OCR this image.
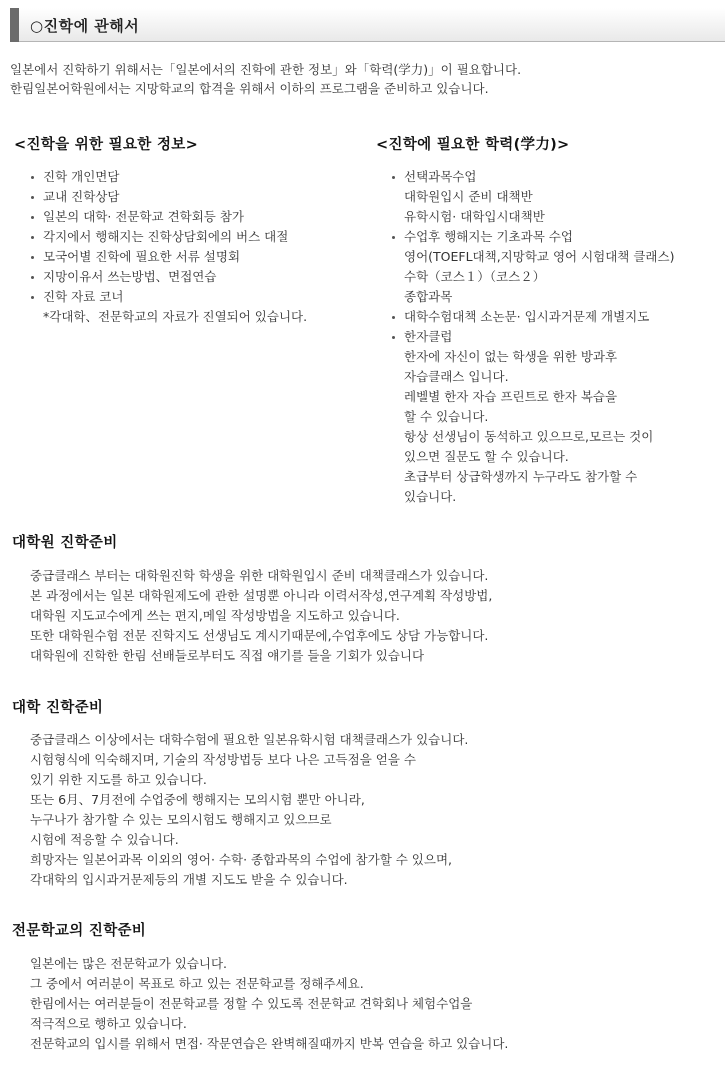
○진학에 관해서

일본에서 진학하기 위해서는「일본에서의 진학에 관한 정보」와「학력(学力)」이 필요합니다.

한림일본어학원에서는 지망학교의 합격을 위해서 이하의 프로그램을 준비하고 있습니다.

<진학을 위한 필요한 정보>
진학 개인면담
교내 진학상담
일본의 대학· 전문학교 견학회등 참가
각지에서 행해지는 진학상담회에의 버스 대절
모국어별 진학에 필요한 서류 설명회
지망이유서 쓰는방법、면접연습
진학 자료 코너
*각대학、전문학교의 자료가 진열되어 있습니다.
<진학에 필요한 학력(学力)>
선택과목수업
대학원입시 준비 대책반
유학시험· 대학입시대책반
수업후 행해지는 기초과목 수업
영어(TOEFL대책,지망학교 영어 시험대책 클래스)
수학（코스１）（코스２）
종합과목
대학수험대책 소논문· 입시과거문제 개별지도
한자클럽
한자에 자신이 없는 학생을 위한 방과후
자습클래스 입니다.
레벨별 한자 자습 프린트로 한자 복습을
할 수 있습니다.
항상 선생님이 동석하고 있으므로,모르는 것이
있으면 질문도 할 수 있습니다.
초급부터 상급학생까지 누구라도 참가할 수
있습니다.
대학원 진학준비

중급클래스 부터는 대학원진학 학생을 위한 대학원입시 준비 대책클래스가 있습니다.

본 과정에서는 일본 대학원제도에 관한 설명뿐 아니라 이력서작성,연구계획 작성방법,

대학원 지도교수에게 쓰는 편지,메일 작성방법을 지도하고 있습니다.

또한 대학원수험 전문 진학지도 선생님도 계시기때문에,수업후에도 상담 가능합니다.

대학원에 진학한 한림 선배들로부터도 직접 얘기를 들을 기회가 있습니다

대학 진학준비

중급클래스 이상에서는 대학수험에 필요한 일본유학시험 대책클래스가 있습니다.

시험형식에 익숙해지며, 기술의 작성방법등 보다 나은 고득점을 얻을 수

있기 위한 지도를 하고 있습니다.

또는 6月、7月전에 수업중에 행해지는 모의시험 뿐만 아니라,

누구나가 참가할 수 있는 모의시험도 행해지고 있으므로

시험에 적응할 수 있습니다.

희망자는 일본어과목 이외의 영어· 수학· 종합과목의 수업에 참가할 수 있으며,

각대학의 입시과거문제등의 개별 지도도 받을 수 있습니다.

전문학교의 진학준비

일본에는 많은 전문학교가 있습니다.

그 중에서 여러분이 목표로 하고 있는 전문학교를 정해주세요.

한림에서는 여러분들이 전문학교를 정할 수 있도록 전문학교 견학회나 체험수업을

적극적으로 행하고 있습니다.

전문학교의 입시를 위해서 면접· 작문연습은 완벽해질때까지 반복 연습을 하고 있습니다.
